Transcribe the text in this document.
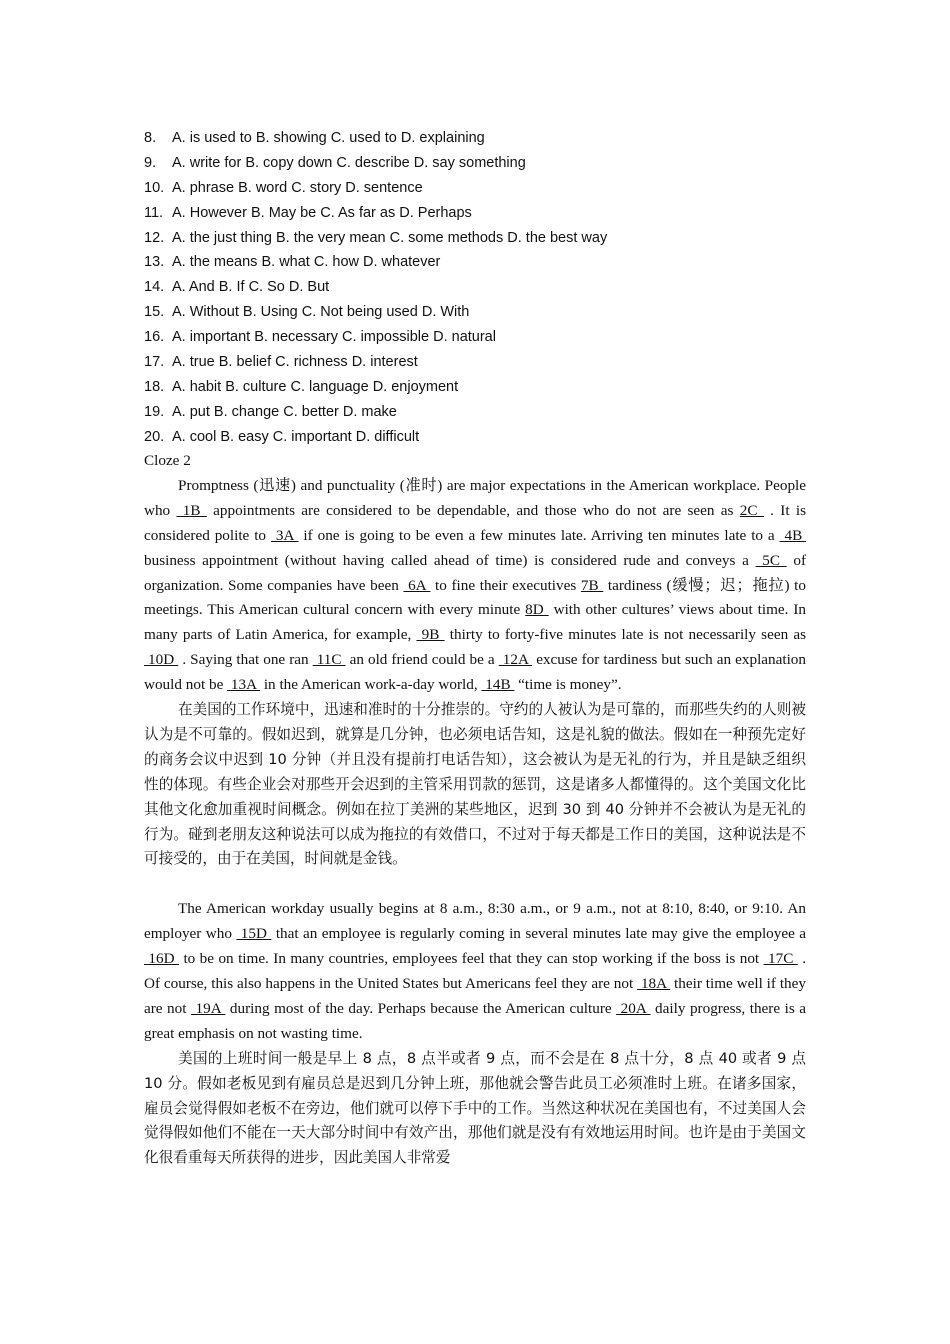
8. A. is used to B. showing C. used to D. explaining
9. A. write for B. copy down C. describe D. say something
10. A. phrase B. word C. story D. sentence
11. A. However B. May be C. As far as D. Perhaps
12. A. the just thing B. the very mean C. some methods D. the best way
13. A. the means B. what C. how D. whatever
14. A. And B. If C. So D. But
15. A. Without B. Using C. Not being used D. With
16. A. important B. necessary C. impossible D. natural
17. A. true B. belief C. richness D. interest
18. A. habit B. culture C. language D. enjoyment
19. A. put B. change C. better D. make
20. A. cool B. easy C. important D. difficult
Cloze 2

Promptness (迅速) and punctuality (准时) are major expectations in the American workplace. People who  1B  appointments are considered to be dependable, and those who do not are seen as 2C  . It is considered polite to  3A  if one is going to be even a few minutes late. Arriving ten minutes late to a  4B  business appointment (without having called ahead of time) is considered rude and conveys a  5C  of organization. Some companies have been  6A  to fine their executives 7B  tardiness (缓慢；迟；拖拉) to meetings. This American cultural concern with every minute 8D  with other cultures’ views about time. In many parts of Latin America, for example,  9B  thirty to forty-five minutes late is not necessarily seen as  10D  . Saying that one ran  11C  an old friend could be a  12A  excuse for tardiness but such an explanation would not be  13A  in the American work-a-day world,  14B  “time is money”.

在美国的工作环境中，迅速和准时的十分推崇的。守约的人被认为是可靠的，而那些失约的人则被认为是不可靠的。假如迟到，就算是几分钟，也必须电话告知，这是礼貌的做法。假如在一种预先定好的商务会议中迟到 10 分钟（并且没有提前打电话告知），这会被认为是无礼的行为，并且是缺乏组织性的体现。有些企业会对那些开会迟到的主管采用罚款的惩罚，这是诸多人都懂得的。这个美国文化比其他文化愈加重视时间概念。例如在拉丁美洲的某些地区，迟到 30 到 40 分钟并不会被认为是无礼的行为。碰到老朋友这种说法可以成为拖拉的有效借口，不过对于每天都是工作日的美国，这种说法是不可接受的，由于在美国，时间就是金钱。

The American workday usually begins at 8 a.m., 8:30 a.m., or 9 a.m., not at 8:10, 8:40, or 9:10. An employer who  15D  that an employee is regularly coming in several minutes late may give the employee a  16D  to be on time. In many countries, employees feel that they can stop working if the boss is not  17C  . Of course, this also happens in the United States but Americans feel they are not  18A  their time well if they are not  19A  during most of the day. Perhaps because the American culture  20A  daily progress, there is a great emphasis on not wasting time.

美国的上班时间一般是早上 8 点，8 点半或者 9 点，而不会是在 8 点十分，8 点 40 或者 9 点 10 分。假如老板见到有雇员总是迟到几分钟上班，那他就会警告此员工必须准时上班。在诸多国家，雇员会觉得假如老板不在旁边，他们就可以停下手中的工作。当然这种状况在美国也有，不过美国人会觉得假如他们不能在一天大部分时间中有效产出，那他们就是没有有效地运用时间。也许是由于美国文化很看重每天所获得的进步，因此美国人非常爱
